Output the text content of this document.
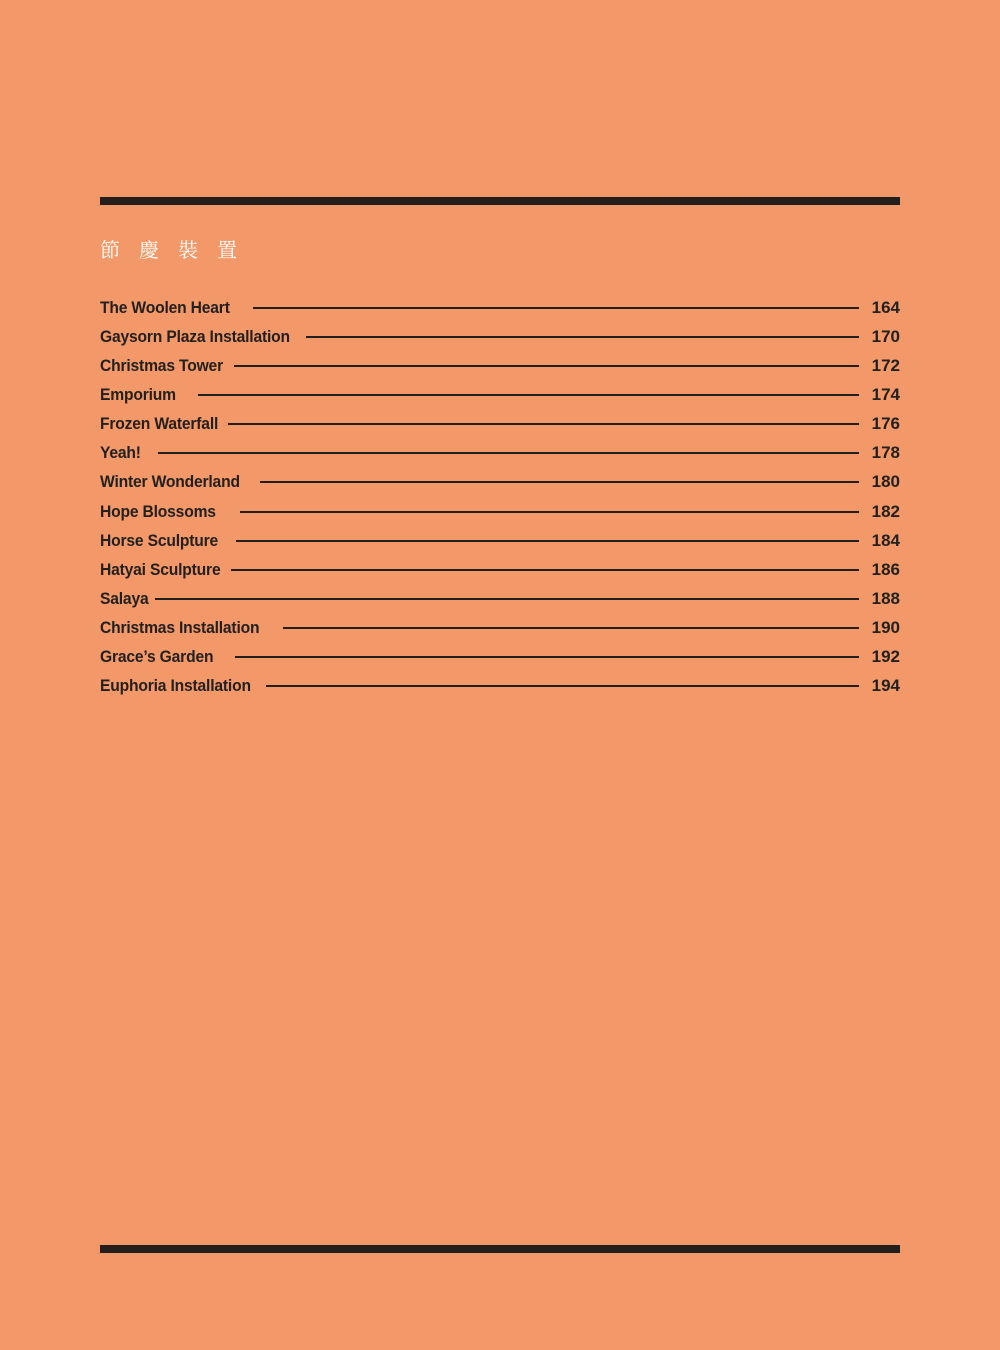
節慶裝置
The Woolen Heart	164
Gaysorn Plaza Installation	170
Christmas Tower	172
Emporium	174
Frozen Waterfall	176
Yeah!	178
Winter Wonderland	180
Hope Blossoms	182
Horse Sculpture	184
Hatyai Sculpture	186
Salaya	188
Christmas Installation	190
Grace’s Garden	192
Euphoria Installation	194
